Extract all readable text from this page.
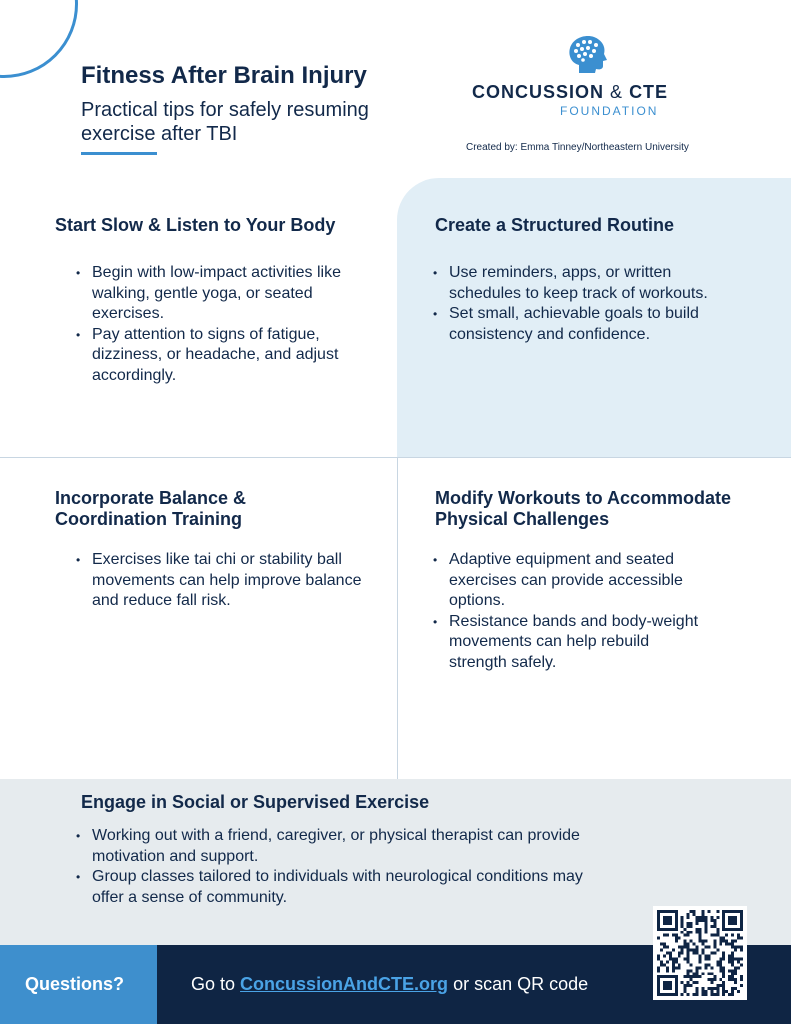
Fitness After Brain Injury
Practical tips for safely resuming exercise after TBI
CONCUSSION & CTE
FOUNDATION
Created by: Emma Tinney/Northeastern University
Start Slow & Listen to Your Body
• Begin with low-impact activities like walking, gentle yoga, or seated exercises.
• Pay attention to signs of fatigue, dizziness, or headache, and adjust accordingly.
Create a Structured Routine
• Use reminders, apps, or written schedules to keep track of workouts.
• Set small, achievable goals to build consistency and confidence.
Incorporate Balance & Coordination Training
• Exercises like tai chi or stability ball movements can help improve balance and reduce fall risk.
Modify Workouts to Accommodate Physical Challenges
• Adaptive equipment and seated exercises can provide accessible options.
• Resistance bands and body-weight movements can help rebuild strength safely.
Engage in Social or Supervised Exercise
• Working out with a friend, caregiver, or physical therapist can provide motivation and support.
• Group classes tailored to individuals with neurological conditions may offer a sense of community.
Questions?	Go to ConcussionAndCTE.org or scan QR code
